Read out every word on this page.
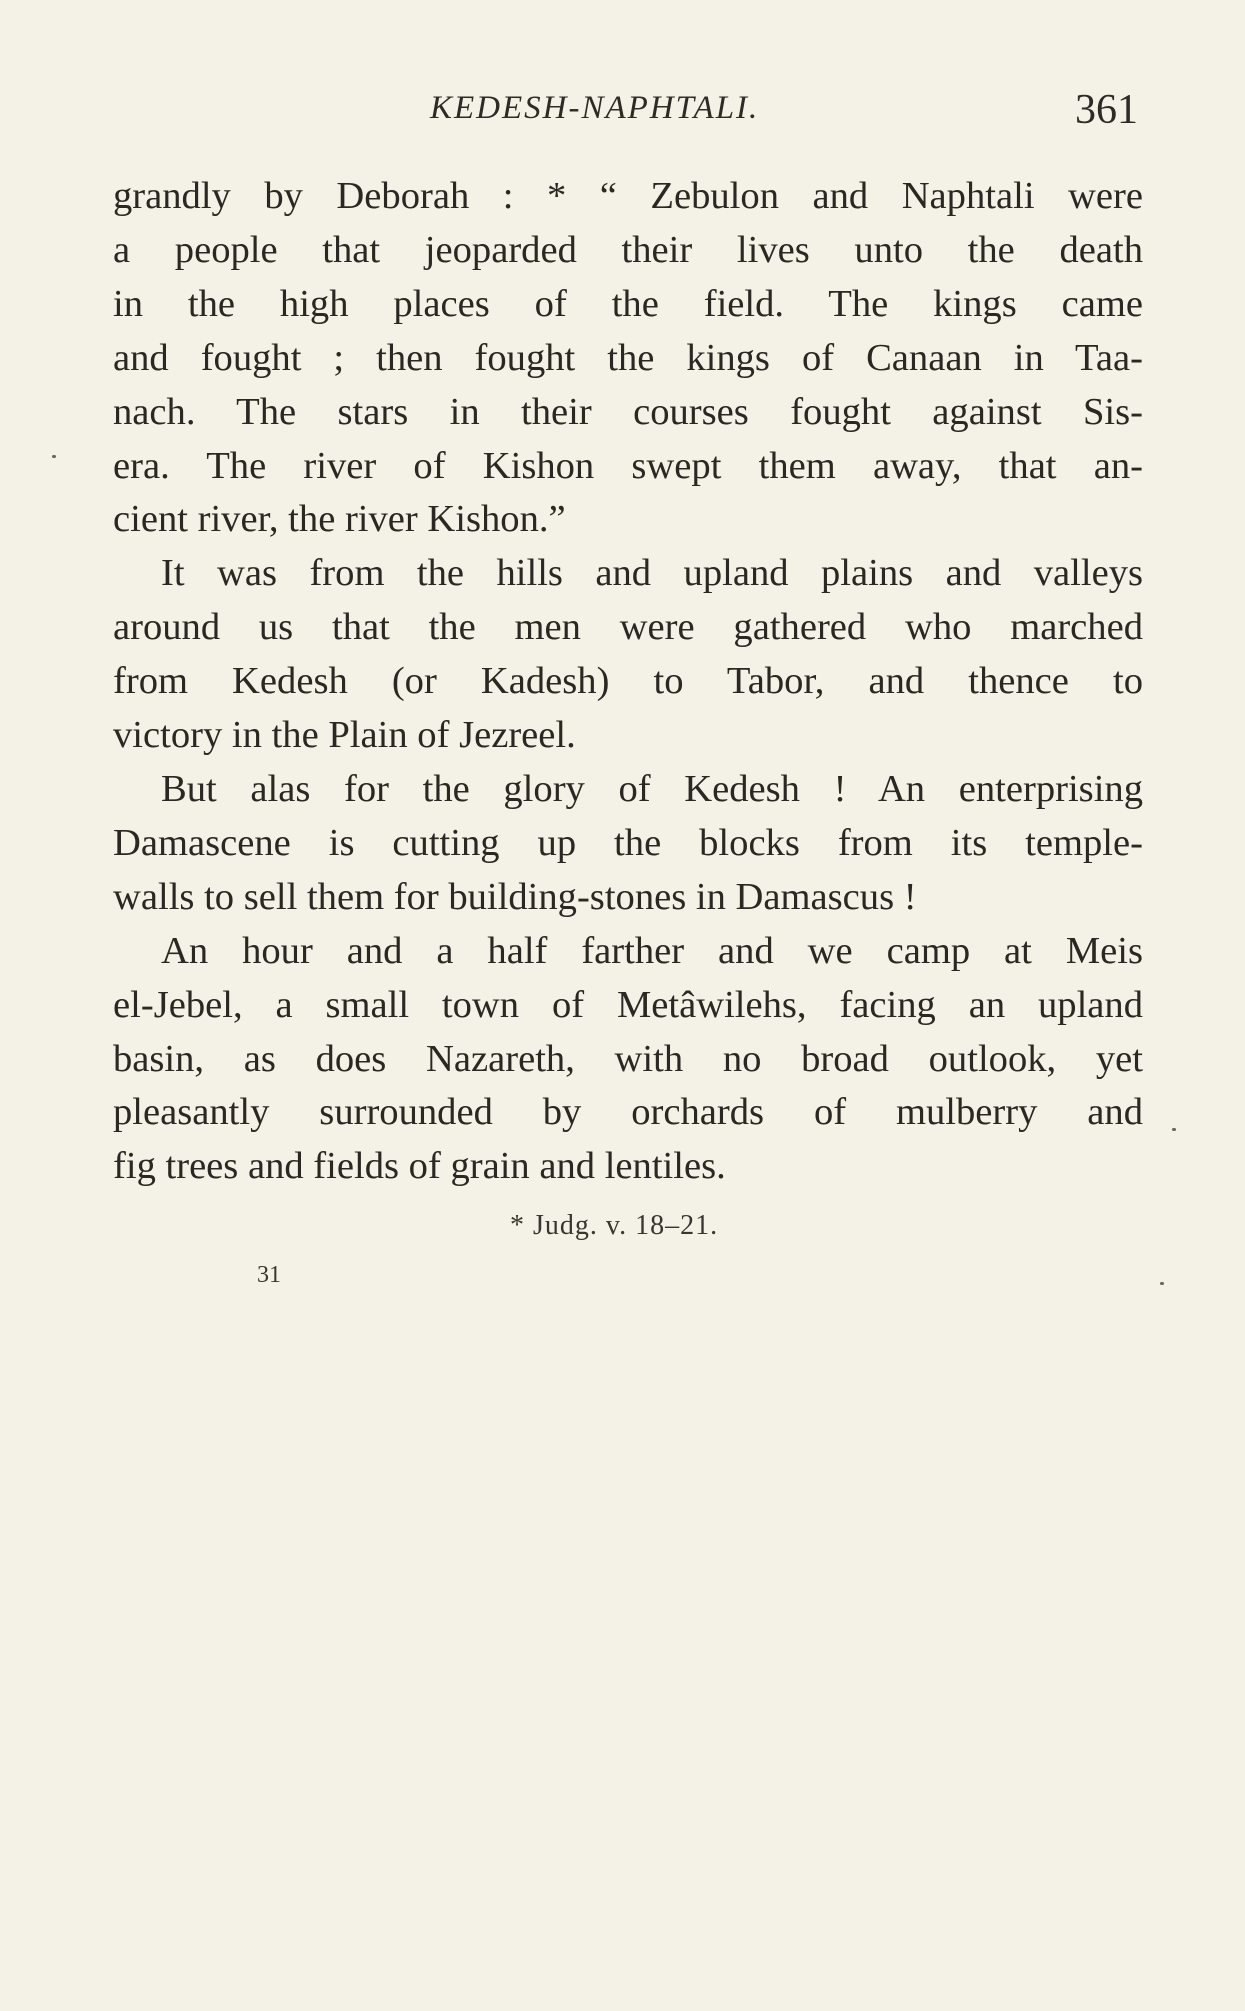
KEDESH-NAPHTALI.	361
grandly by Deborah : * “ Zebulon and Naphtali were
a people that jeoparded their lives unto the death
in the high places of the field. The kings came
and fought ; then fought the kings of Canaan in Taa-
nach. The stars in their courses fought against Sis-
era. The river of Kishon swept them away, that an-
cient river, the river Kishon.”
It was from the hills and upland plains and valleys
around us that the men were gathered who marched
from Kedesh (or Kadesh) to Tabor, and thence to
victory in the Plain of Jezreel.
But alas for the glory of Kedesh ! An enterprising
Damascene is cutting up the blocks from its temple-
walls to sell them for building-stones in Damascus !
An hour and a half farther and we camp at Meis
el-Jebel, a small town of Metâwilehs, facing an upland
basin, as does Nazareth, with no broad outlook, yet
pleasantly surrounded by orchards of mulberry and
fig trees and fields of grain and lentiles.
* Judg. v. 18–21.
31
